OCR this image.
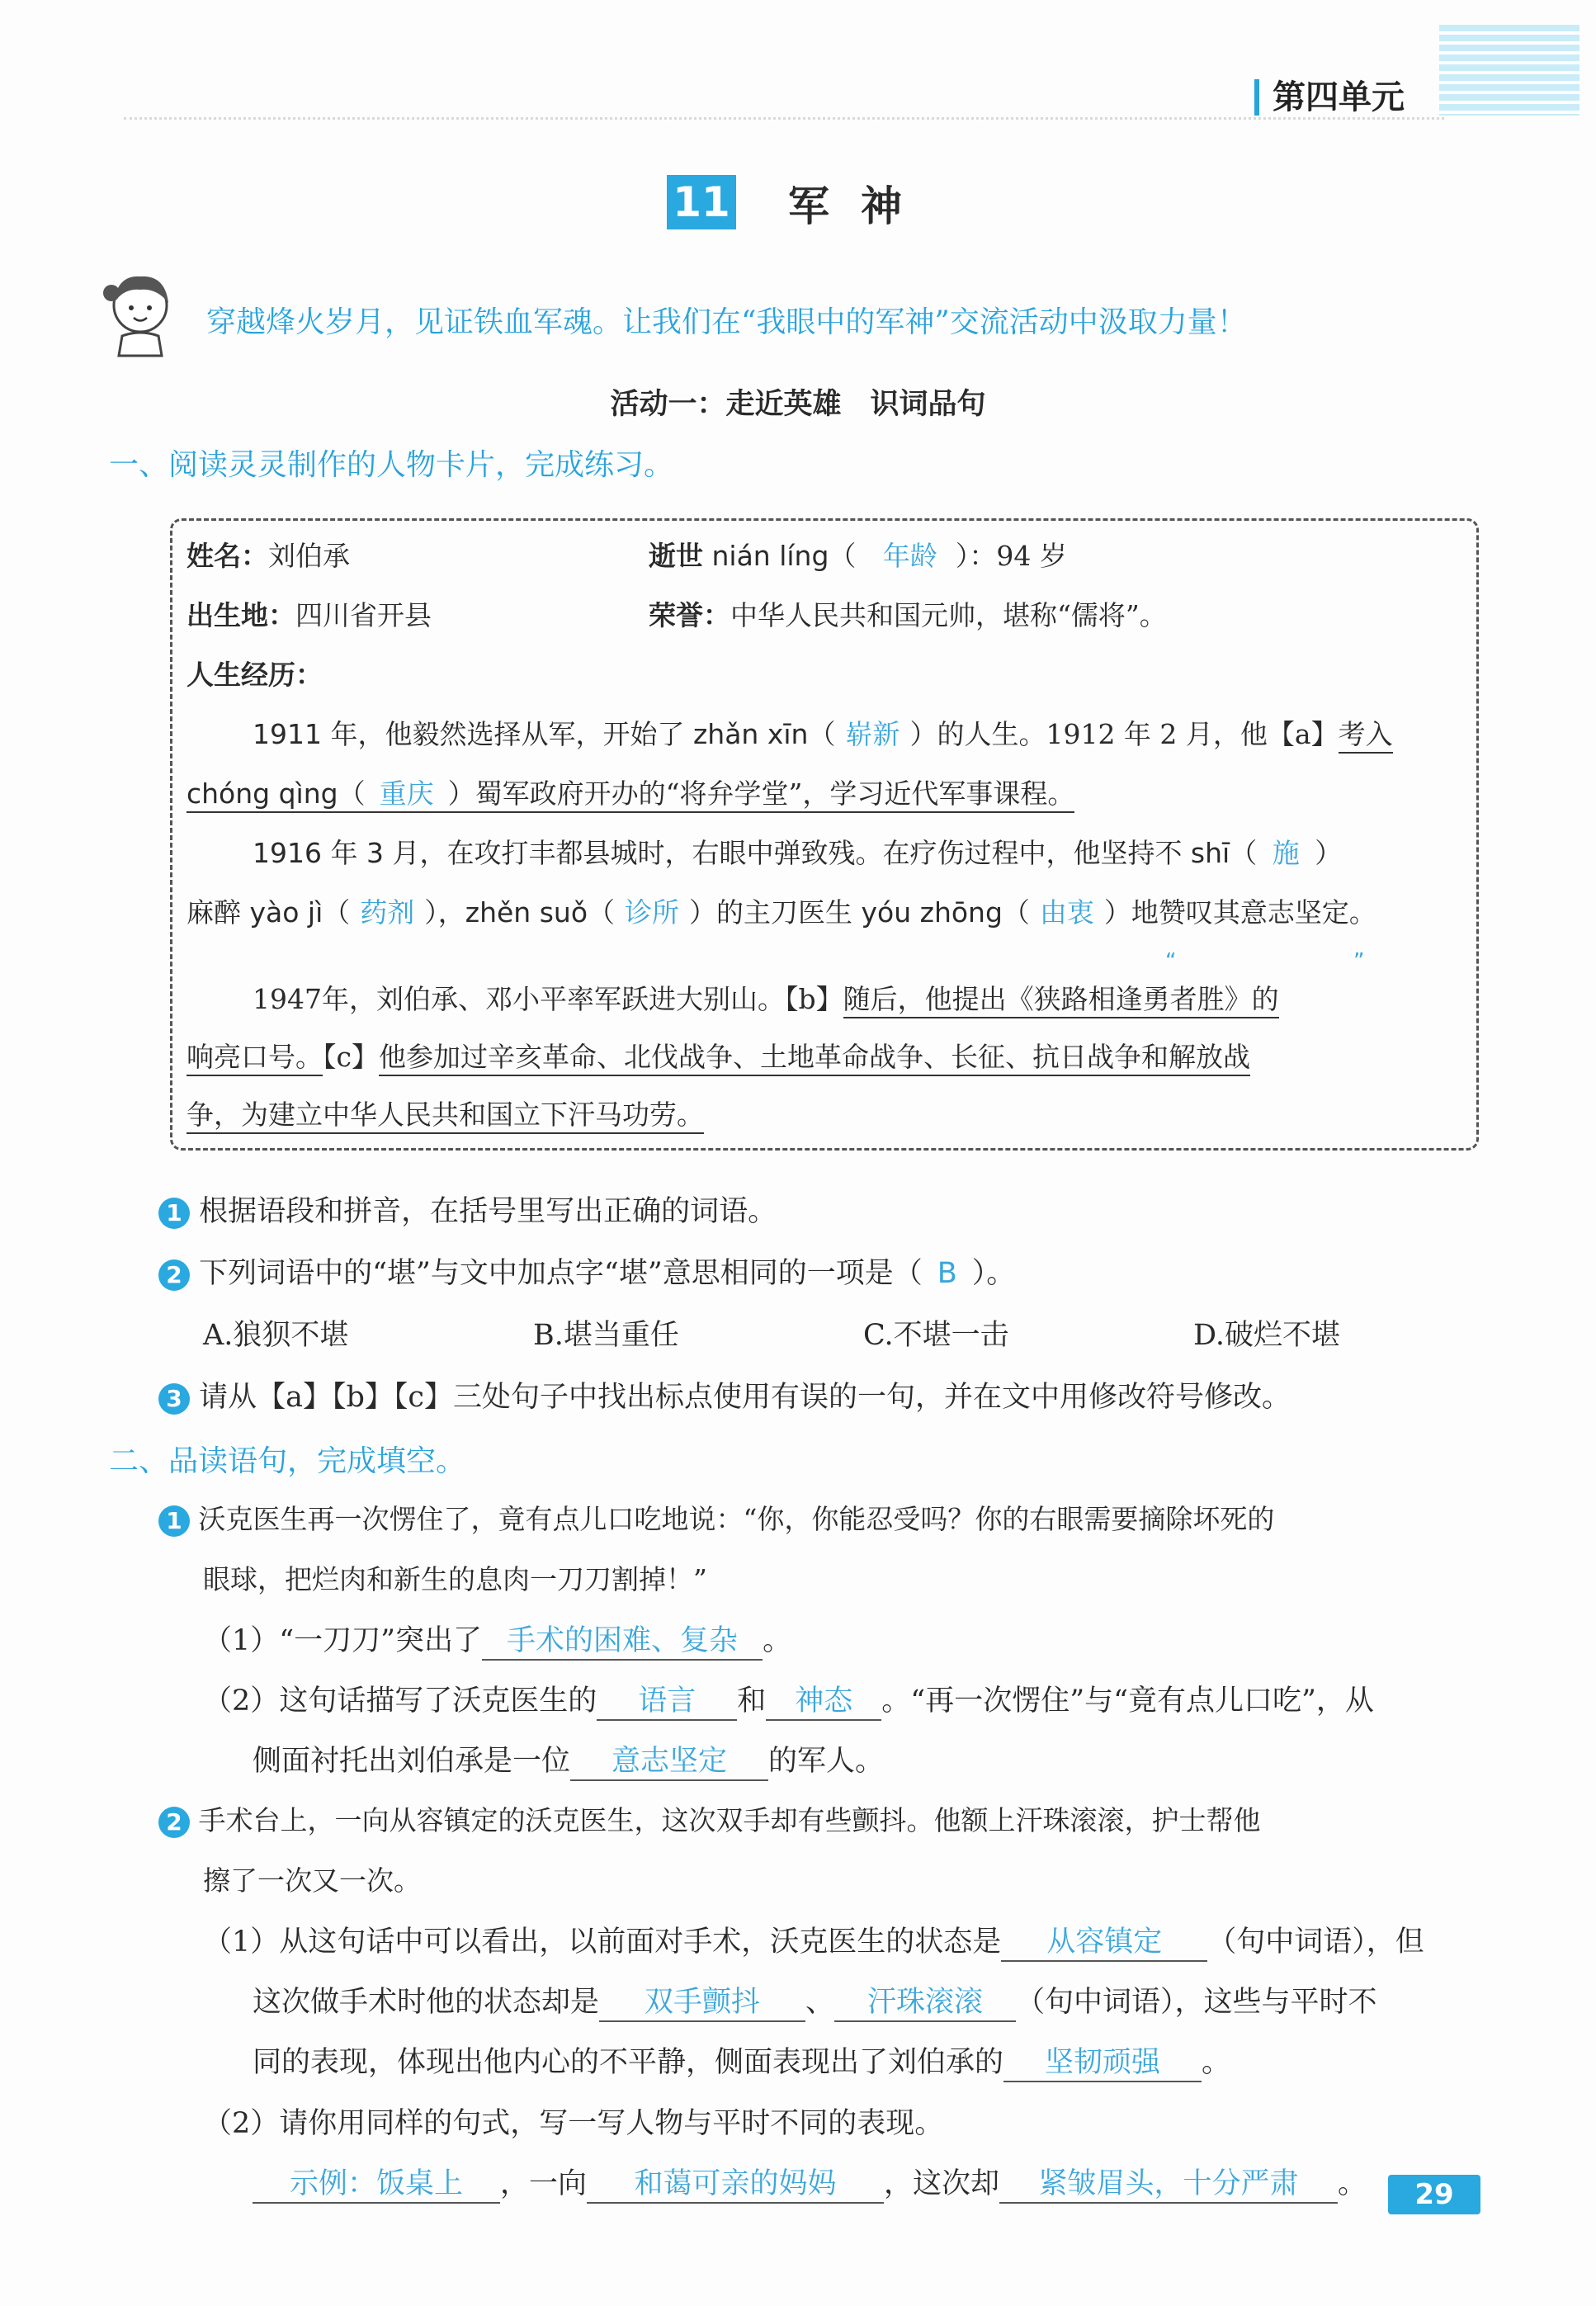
第四单元
11 军神
穿越烽火岁月，见证铁血军魂。让我们在“我眼中的军神”交流活动中汲取力量！
活动一：走近英雄　识词品句
一、阅读灵灵制作的人物卡片，完成练习。
姓名：刘伯承	逝世 nián líng（ 年龄 ）：94 岁
出生地：四川省开县	荣誉：中华人民共和国元帅，堪称“儒将”。
人生经历：
1911 年，他毅然选择从军，开始了 zhǎn xīn（ 崭新 ）的人生。1912 年 2 月，他【a】考入
chóng qìng（ 重庆 ）蜀军政府开办的“将弁学堂”，学习近代军事课程。
1916 年 3 月，在攻打丰都县城时，右眼中弹致残。在疗伤过程中，他坚持不 shī（ 施 ）
麻醉 yào jì（ 药剂 ），zhěn suǒ（ 诊所 ）的主刀医生 yóu zhōng（ 由衷 ）地赞叹其意志坚定。
1947年，刘伯承、邓小平率军跃进大别山。【b】随后，他提出《狭路相逢勇者胜》的
“	”
响亮口号。【c】他参加过辛亥革命、北伐战争、土地革命战争、长征、抗日战争和解放战
争，为建立中华人民共和国立下汗马功劳。
1 根据语段和拼音，在括号里写出正确的词语。
2 下列词语中的“堪”与文中加点字“堪”意思相同的一项是（ B ）。
A.狼狈不堪	B.堪当重任	C.不堪一击	D.破烂不堪
3 请从【a】【b】【c】三处句子中找出标点使用有误的一句，并在文中用修改符号修改。
二、品读语句，完成填空。
1 沃克医生再一次愣住了，竟有点儿口吃地说：“你，你能忍受吗？你的右眼需要摘除坏死的
眼球，把烂肉和新生的息肉一刀刀割掉！”
（1）“一刀刀”突出了 手术的困难、复杂 。
（2）这句话描写了沃克医生的 语言 和 神态 。“再一次愣住”与“竟有点儿口吃”，从
侧面衬托出刘伯承是一位 意志坚定 的军人。
2 手术台上，一向从容镇定的沃克医生，这次双手却有些颤抖。他额上汗珠滚滚，护士帮他
擦了一次又一次。
（1）从这句话中可以看出，以前面对手术，沃克医生的状态是 从容镇定 （句中词语），但
这次做手术时他的状态却是 双手颤抖 、 汗珠滚滚 （句中词语），这些与平时不
同的表现，体现出他内心的不平静，侧面表现出了刘伯承的 坚韧顽强 。
（2）请你用同样的句式，写一写人物与平时不同的表现。
示例：饭桌上 ，一向 和蔼可亲的妈妈 ，这次却 紧皱眉头，十分严肃 。	29
